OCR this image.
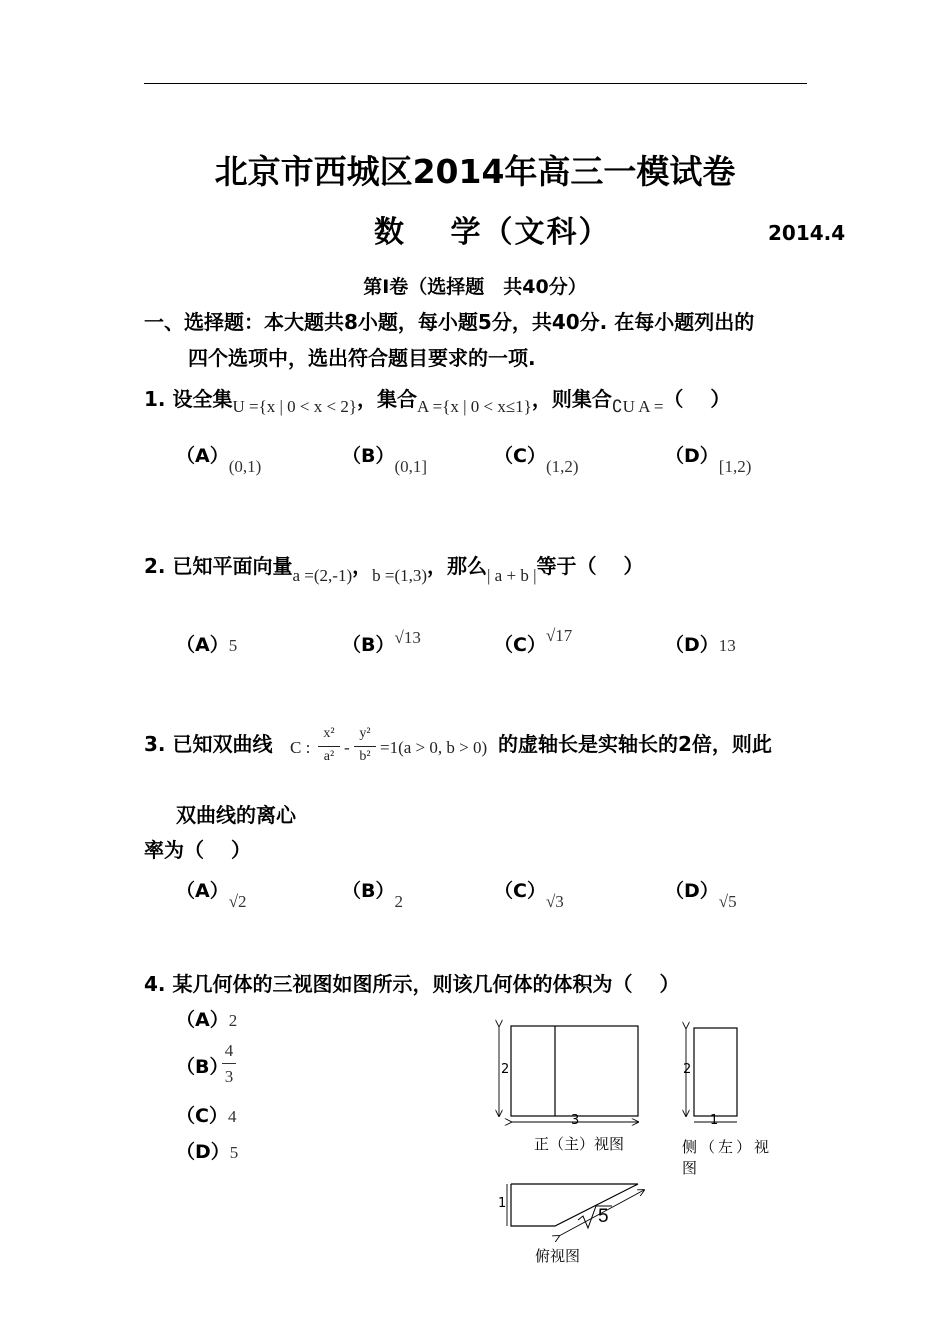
北京市西城区2014年高三一模试卷
数　 学（文科）	2014.4
第Ⅰ卷（选择题　共40分）
一、选择题：本大题共8小题，每小题5分，共40分. 在每小题列出的
四个选项中，选出符合题目要求的一项.
1. 设全集$_{U =\{x | 0 < x < 2\}}$，集合$_{A =\{x | 0 < x\le 1\}}$，则集合$_{∁U A =}$（　 ）
（A）(0,1)	（B）(0,1]	（C）(1,2)	（D）[1,2)
2. 已知平面向量$_{a =(2,-1)}$，$_{b =(1,3)}$，那么$_{| a + b |}$等于（　 ）
（A）5	（B）√13	（C）√17	（D）13
3. 已知双曲线 C :
x²
a² -
y²
b² =1(a > 0, b > 0) 的虚轴长是实轴长的2倍，则此
双曲线的离心
率为（　 ）
（A）√2	（B）2	（C）√3	（D）√5
4. 某几何体的三视图如图所示，则该几何体的体积为（　 ）
（A）2
（B）
4
3
（C）4
（D）5
2
3
正（主）视图
2
1
侧（左）视
图
1
5
俯视图
